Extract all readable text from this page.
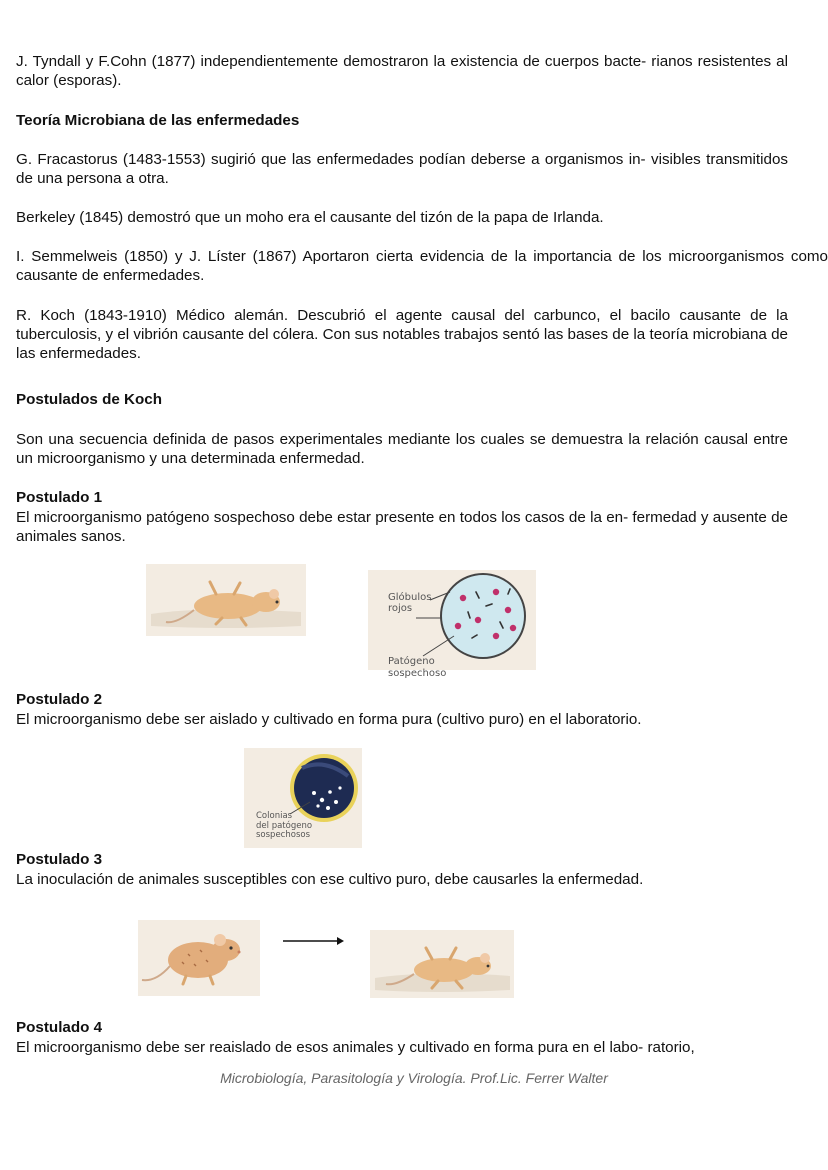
J. Tyndall y F.Cohn (1877) independientemente demostraron la existencia de cuerpos bacte- rianos resistentes al calor (esporas).

Teoría Microbiana de las enfermedades

G. Fracastorus (1483-1553) sugirió que las enfermedades podían deberse a organismos in- visibles transmitidos de una persona a otra.

Berkeley (1845) demostró que un moho era el causante del tizón de la papa de Irlanda.

I. Semmelweis (1850) y J. Líster (1867) Aportaron cierta evidencia de la importancia de los microorganismos como causante de enfermedades.

R. Koch (1843-1910) Médico alemán. Descubrió el agente causal del carbunco, el bacilo causante de la tuberculosis, y el vibrión causante del cólera. Con sus notables trabajos sentó las bases de la teoría microbiana de las enfermedades.

Postulados de Koch

Son una secuencia definida de pasos experimentales mediante los cuales se demuestra la relación causal entre un microorganismo y una determinada enfermedad.

Postulado 1

El microorganismo patógeno sospechoso debe estar presente en todos los casos de la en- fermedad y ausente de animales sanos.

Glóbulos
rojos
Patógeno
sospechoso

Postulado 2

El microorganismo debe ser aislado y cultivado en forma pura (cultivo puro) en el laboratorio.

Colonias
del patógeno
sospechosos

Postulado 3

La inoculación de animales susceptibles con ese cultivo puro, debe causarles la enfermedad.

Postulado 4

El microorganismo debe ser reaislado de esos animales y cultivado en forma pura en el labo- ratorio,

Microbiología, Parasitología y Virología. Prof.Lic. Ferrer Walter
